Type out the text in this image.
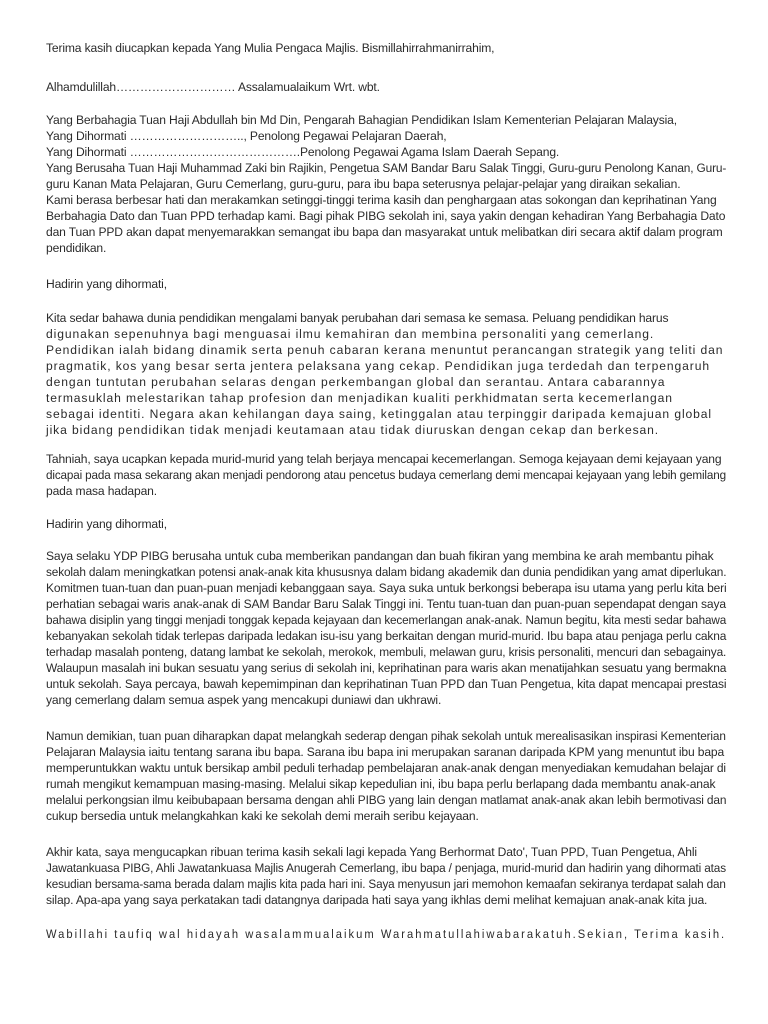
Terima kasih diucapkan kepada Yang Mulia Pengaca Majlis. Bismillahirrahmanirrahim,

Alhamdulillah………………………… Assalamualaikum Wrt. wbt.

Yang Berbahagia Tuan Haji Abdullah bin Md Din, Pengarah Bahagian Pendidikan Islam Kementerian Pelajaran Malaysia,

Yang Dihormati ……………………….., Penolong Pegawai Pelajaran Daerah,

Yang Dihormati …………………………………….Penolong Pegawai Agama Islam Daerah Sepang.

Yang Berusaha Tuan Haji Muhammad Zaki bin Rajikin, Pengetua SAM Bandar Baru Salak Tinggi, Guru-guru Penolong Kanan, Guru-

guru Kanan Mata Pelajaran, Guru Cemerlang, guru-guru, para ibu bapa seterusnya pelajar-pelajar yang diraikan sekalian.

Kami berasa berbesar hati dan merakamkan setinggi-tinggi terima kasih dan penghargaan atas sokongan dan keprihatinan Yang

Berbahagia Dato dan Tuan PPD terhadap kami. Bagi pihak PIBG sekolah ini, saya yakin dengan kehadiran Yang Berbahagia Dato

dan Tuan PPD akan dapat menyemarakkan semangat ibu bapa dan masyarakat untuk melibatkan diri secara aktif dalam program

pendidikan.

Hadirin yang dihormati,

Kita sedar bahawa dunia pendidikan mengalami banyak perubahan dari semasa ke semasa. Peluang pendidikan harus

digunakan sepenuhnya bagi menguasai ilmu kemahiran dan membina personaliti yang cemerlang.

Pendidikan ialah bidang dinamik serta penuh cabaran kerana menuntut perancangan strategik yang teliti dan

pragmatik, kos yang besar serta jentera pelaksana yang cekap. Pendidikan juga terdedah dan terpengaruh

dengan tuntutan perubahan selaras dengan perkembangan global dan serantau. Antara cabarannya

termasuklah melestarikan tahap profesion dan menjadikan kualiti perkhidmatan serta kecemerlangan

sebagai identiti. Negara akan kehilangan daya saing, ketinggalan atau terpinggir daripada kemajuan global

jika bidang pendidikan tidak menjadi keutamaan atau tidak diuruskan dengan cekap dan berkesan.

Tahniah, saya ucapkan kepada murid-murid yang telah berjaya mencapai kecemerlangan. Semoga kejayaan demi kejayaan yang

dicapai pada masa sekarang akan menjadi pendorong atau pencetus budaya cemerlang demi mencapai kejayaan yang lebih gemilang

pada masa hadapan.

Hadirin yang dihormati,

Saya selaku YDP PIBG berusaha untuk cuba memberikan pandangan dan buah fikiran yang membina ke arah membantu pihak

sekolah dalam meningkatkan potensi anak-anak kita khususnya dalam bidang akademik dan dunia pendidikan yang amat diperlukan.

Komitmen tuan-tuan dan puan-puan menjadi kebanggaan saya. Saya suka untuk berkongsi beberapa isu utama yang perlu kita beri

perhatian sebagai waris anak-anak di SAM Bandar Baru Salak Tinggi ini. Tentu tuan-tuan dan puan-puan sependapat dengan saya

bahawa disiplin yang tinggi menjadi tonggak kepada kejayaan dan kecemerlangan anak-anak. Namun begitu, kita mesti sedar bahawa

kebanyakan sekolah tidak terlepas daripada ledakan isu-isu yang berkaitan dengan murid-murid. Ibu bapa atau penjaga perlu cakna

terhadap masalah ponteng, datang lambat ke sekolah, merokok, membuli, melawan guru, krisis personaliti, mencuri dan sebagainya.

Walaupun masalah ini bukan sesuatu yang serius di sekolah ini, keprihatinan para waris akan menatijahkan sesuatu yang bermakna

untuk sekolah. Saya percaya, bawah kepemimpinan dan keprihatinan Tuan PPD dan Tuan Pengetua, kita dapat mencapai prestasi

yang cemerlang dalam semua aspek yang mencakupi duniawi dan ukhrawi.

Namun demikian, tuan puan diharapkan dapat melangkah sederap dengan pihak sekolah untuk merealisasikan inspirasi Kementerian

Pelajaran Malaysia iaitu tentang sarana ibu bapa. Sarana ibu bapa ini merupakan saranan daripada KPM yang menuntut ibu bapa

memperuntukkan waktu untuk bersikap ambil peduli terhadap pembelajaran anak-anak dengan menyediakan kemudahan belajar di

rumah mengikut kemampuan masing-masing. Melalui sikap kepedulian ini, ibu bapa perlu berlapang dada membantu anak-anak

melalui perkongsian ilmu keibubapaan bersama dengan ahli PIBG yang lain dengan matlamat anak-anak akan lebih bermotivasi dan

cukup bersedia untuk melangkahkan kaki ke sekolah demi meraih seribu kejayaan.

Akhir kata, saya mengucapkan ribuan terima kasih sekali lagi kepada Yang Berhormat Dato', Tuan PPD, Tuan Pengetua, Ahli

Jawatankuasa PIBG, Ahli Jawatankuasa Majlis Anugerah Cemerlang, ibu bapa / penjaga, murid-murid dan hadirin yang dihormati atas

kesudian bersama-sama berada dalam majlis kita pada hari ini. Saya menyusun jari memohon kemaafan sekiranya terdapat salah dan

silap. Apa-apa yang saya perkatakan tadi datangnya daripada hati saya yang ikhlas demi melihat kemajuan anak-anak kita jua.

Wabillahi taufiq wal hidayah wasalammualaikum Warahmatullahiwabarakatuh.Sekian, Terima kasih.
